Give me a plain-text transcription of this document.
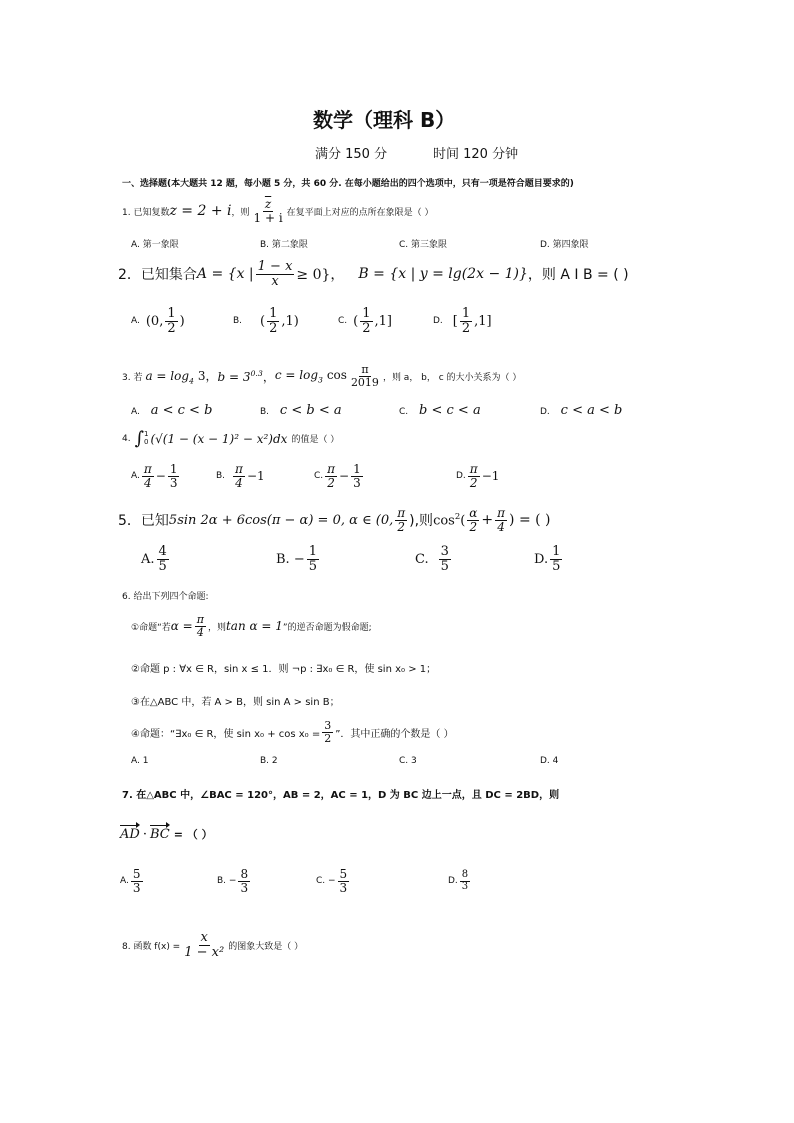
数学（理科 B）
满分 150 分	时间 120 分钟
一、选择题(本大题共 12 题，每小题 5 分，共 60 分. 在每小题给出的四个选项中，只有一项是符合题目要求的)
1. 已知复数 z = 2 + i ，则 $\frac{\overline{z}}{1 + i}$ 在复平面上对应的点所在象限是（ ）
A. 第一象限	B. 第二象限	C. 第三象限	D. 第四象限
2．已知集合 A = {x | $\frac{1 - x}{x} \ge 0$}， B = {x | y = lg(2x − 1)} ，则 A I B = ( )
A. (0, $\frac{1}{2}$ )	B. ( $\frac{1}{2} ,1$)	C. ( $\frac{1}{2} ,1$]	D. [ $\frac{1}{2} ,1$]
3. 若 $a = \log_4 3$， $b = 3^{0.3}$， $c = \log_3 \cos \frac{\pi}{2019}$ ，则 a， b， c 的大小关系为（ ）
A. a < c < b	B. c < b < a	C. b < c < a	D. c < a < b
4. ∫ 1
0 (√(1 − (x − 1)² − x²)dx 的值是（ ）
A. $\frac{\pi}{4} - \frac{1}{3}$	B. $\frac{\pi}{4} -1$	C. $\frac{\pi}{2} - \frac{1}{3}$	D. $\frac{\pi}{2} -1$
5．已知 5sin 2α + 6cos(π − α) = 0, α ∈ (0, $\frac{\pi}{2}$ ),则 $\cos^2( \frac{\alpha}{2} + \frac{\pi}{4}$ ) = ( )
A. $\frac{4}{5}$	B. − $\frac{1}{5}$	C. $\frac{3}{5}$	D. $\frac{1}{5}$
6. 给出下列四个命题:
①命题“若 $\alpha = \frac{\pi}{4}$ ，则 tan α = 1 ”的逆否命题为假命题;
②命题 p : ∀x ∈ R，sin x ≤ 1．则 ¬p : ∃x₀ ∈ R，使 sin x₀ > 1；
③在△ABC 中，若 A > B，则 sin A > sin B；
④命题：“∃x₀ ∈ R，使 $\sin x_0 + \cos x_0 = \frac{3}{2}$ ”．其中正确的个数是（ ）
A. 1	B. 2	C. 3	D. 4
7. 在△ABC 中，∠BAC = 120°，AB = 2，AC = 1，D 为 BC 边上一点，且 DC = 2BD，则
AD · BC = （ ）
A. $\frac{5}{3}$	B. − $\frac{8}{3}$	C. − $\frac{5}{3}$	D. $\frac{8}{3}$
8. 函数 $f(x) = \frac{x}{\text{1 − x²}}$ 的图象大致是（ ）
